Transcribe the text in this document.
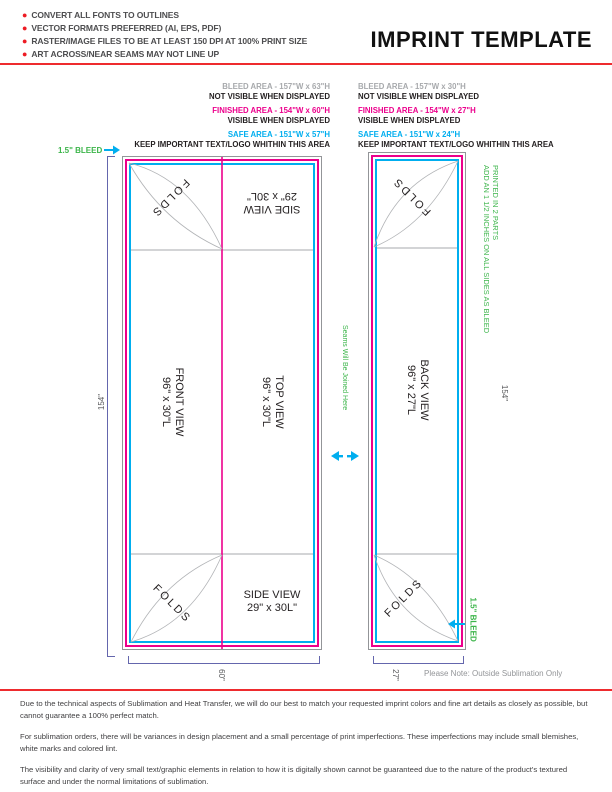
● CONVERT ALL FONTS TO OUTLINES
● VECTOR FORMATS PREFERRED (AI, EPS, PDF)
● RASTER/IMAGE FILES TO BE AT LEAST 150 DPI AT 100% PRINT SIZE
● ART ACROSS/NEAR SEAMS MAY NOT LINE UP
IMPRINT TEMPLATE
BLEED AREA - 157"W x 63"H
NOT VISIBLE WHEN DISPLAYED
FINISHED AREA - 154"W x 60"H
VISIBLE WHEN DISPLAYED
SAFE AREA - 151"W x 57"H
KEEP IMPORTANT TEXT/LOGO WHITHIN THIS AREA
BLEED AREA - 157"W x 30"H
NOT VISIBLE WHEN DISPLAYED
FINISHED AREA - 154"W x 27"H
VISIBLE WHEN DISPLAYED
SAFE AREA - 151"W x 24"H
KEEP IMPORTANT TEXT/LOGO WHITHIN THIS AREA
1.5" BLEED
154"
FOLDS	SIDE VIEW
29" x 30L"
FRONT VIEW
96" x 30"L	TOP VIEW
96" x 30"L
FOLDS	SIDE VIEW
29" x 30L"
60"
Seams Will Be Joined Here
FOLDS
BACK VIEW
96" x 27"L
FOLDS
PRINTED IN 2 PARTS
ADD AN 1 1/2 INCHES ON ALL SIDES AS BLEED
154"
1.5" BLEED
27"	Please Note: Outside Sublimation Only

Due to the technical aspects of Sublimation and Heat Transfer, we will do our best to match your requested imprint colors and fine art details as closely as possible, but cannot guarantee a 100% perfect match.

For sublimation orders, there will be variances in design placement and a small percentage of print imperfections. These imperfections may include small blemishes, white marks and colored lint.

The visibility and clarity of very small text/graphic elements in relation to how it is digitally shown cannot be guaranteed due to the nature of the product's textured surface and under the normal limitations of sublimation.
